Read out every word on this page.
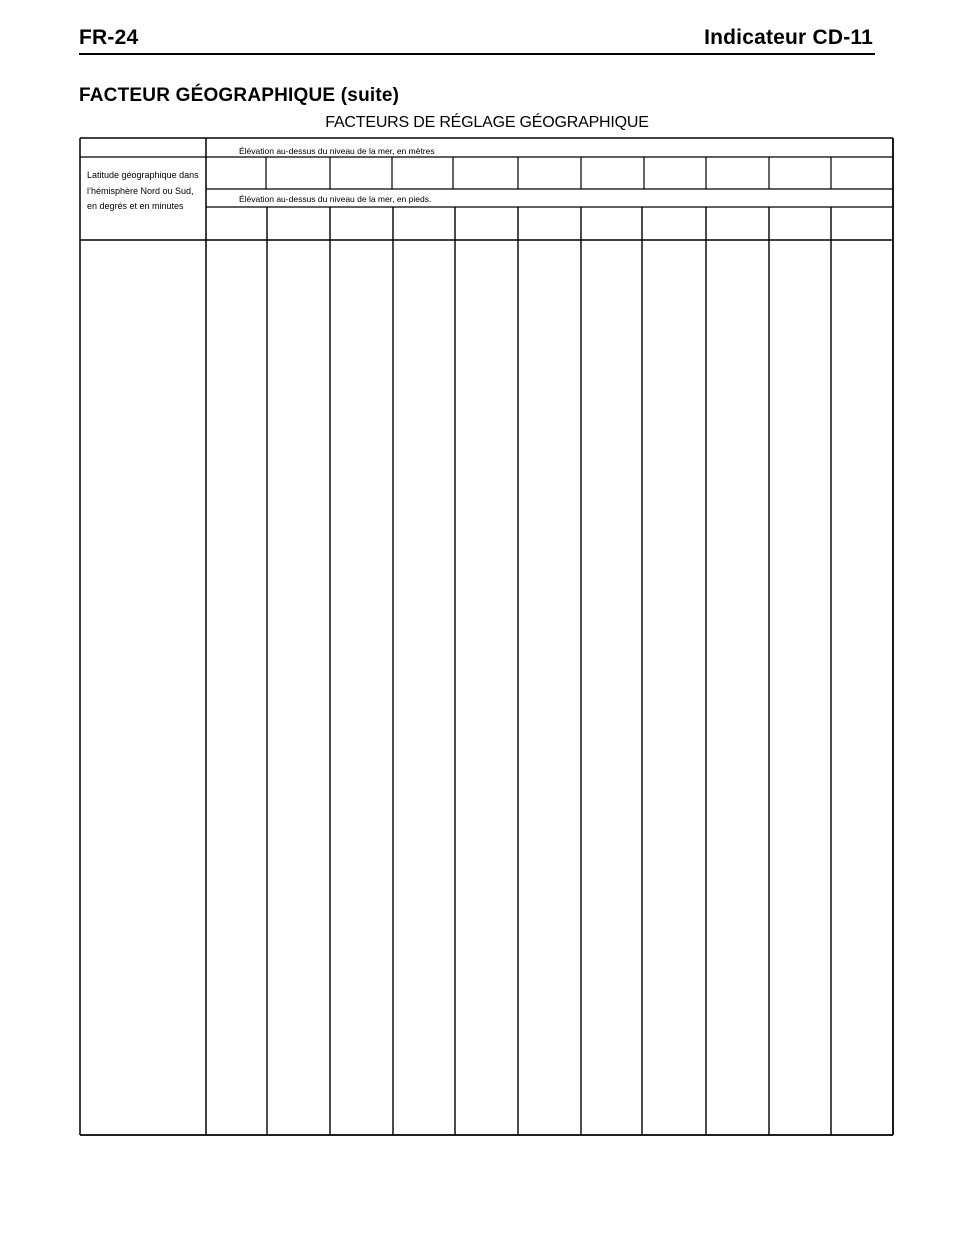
FR-24	Indicateur CD-11
FACTEUR GÉOGRAPHIQUE (suite)
FACTEURS DE RÉGLAGE GÉOGRAPHIQUE
Élévation au-dessus du niveau de la mer, en mètres
Élévation au-dessus du niveau de la mer, en pieds.
Latitude géographique dans l’hémisphère Nord ou Sud, en degrés et en minutes
